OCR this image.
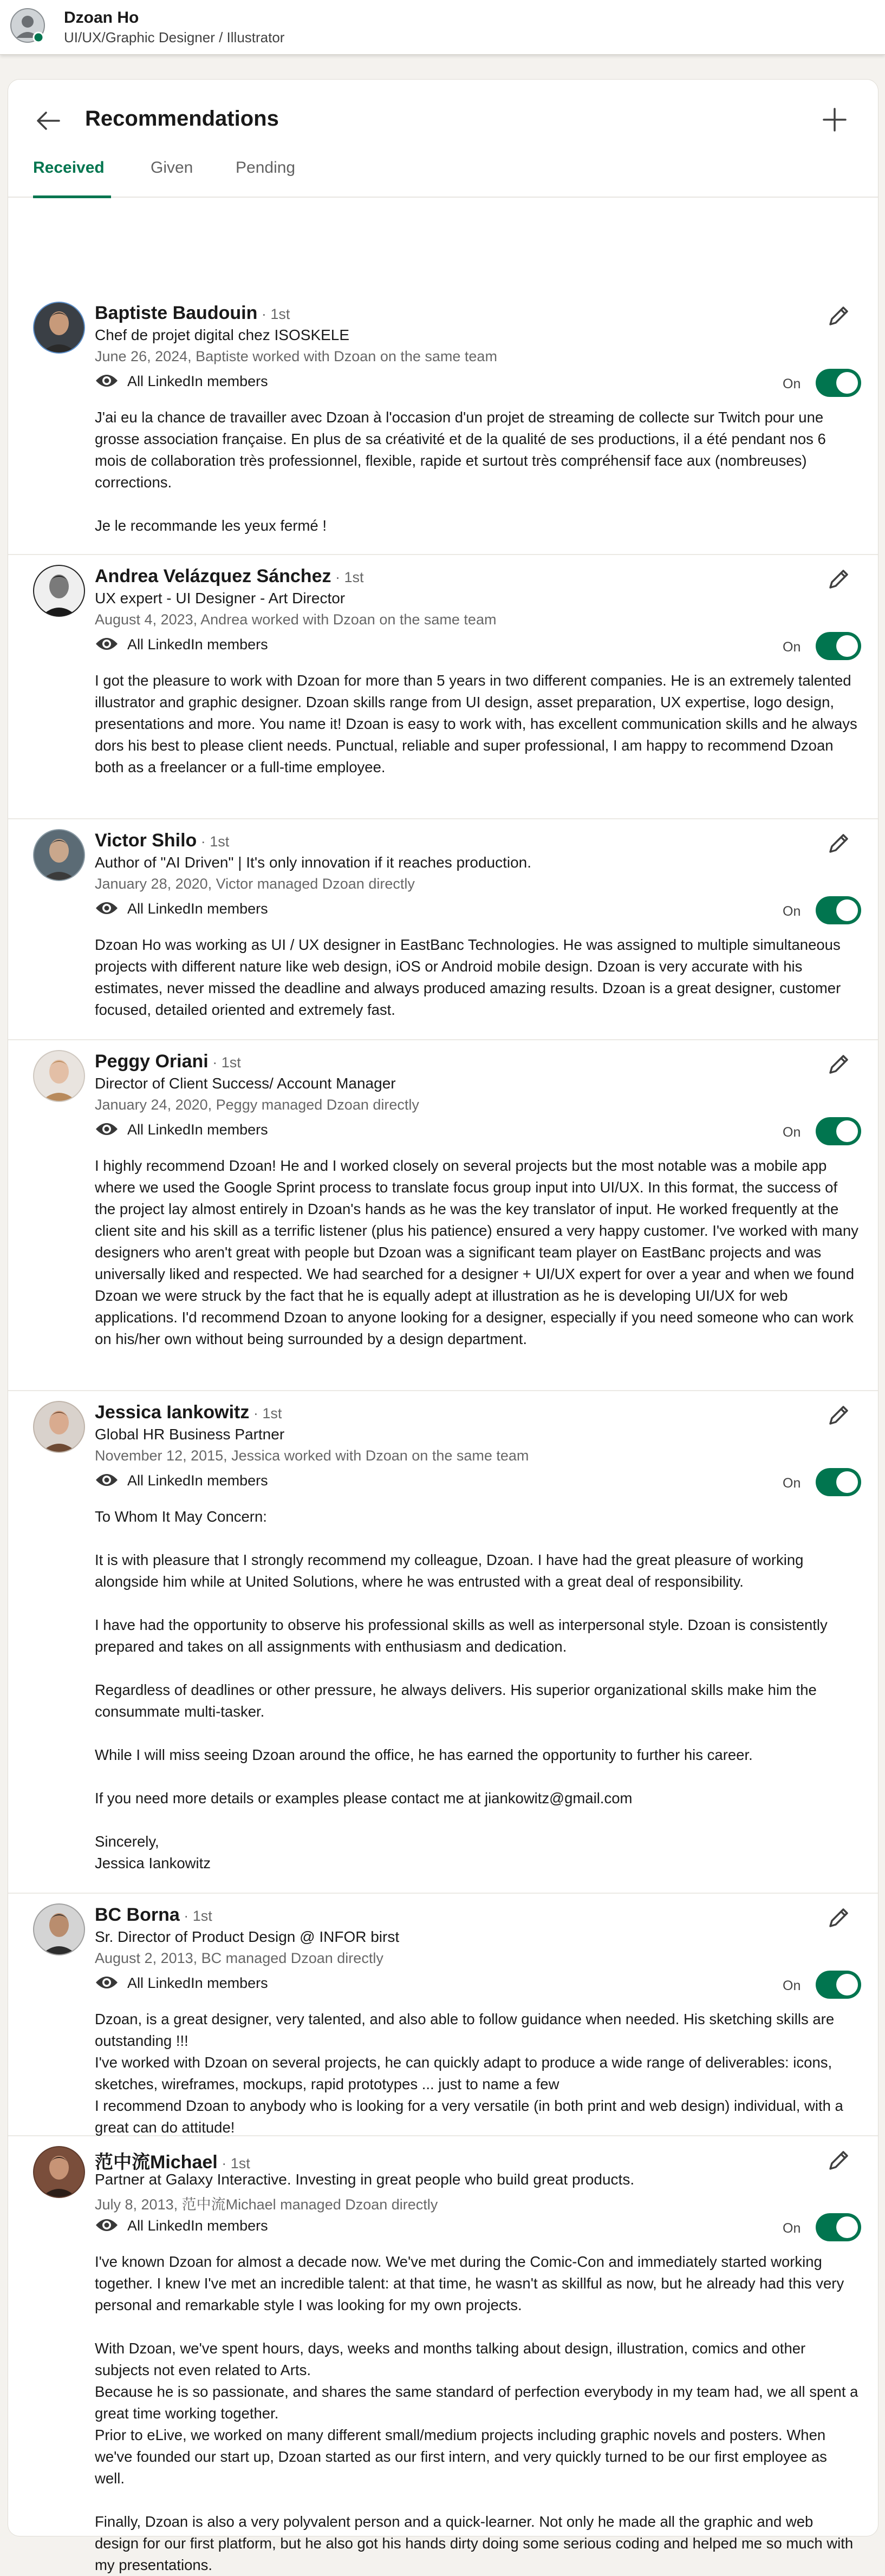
Dzoan Ho
UI/UX/Graphic Designer / Illustrator
Recommendations
Received	Given	Pending
Baptiste Baudouin · 1st
Chef de projet digital chez ISOSKELE
June 26, 2024, Baptiste worked with Dzoan on the same team
All LinkedIn members	On

J'ai eu la chance de travailler avec Dzoan à l'occasion d'un projet de streaming de collecte sur Twitch pour une grosse association française. En plus de sa créativité et de la qualité de ses productions, il a été pendant nos 6 mois de collaboration très professionnel, flexible, rapide et surtout très compréhensif face aux (nombreuses) corrections.

Je le recommande les yeux fermé !

Andrea Velázquez Sánchez · 1st
UX expert - UI Designer - Art Director
August 4, 2023, Andrea worked with Dzoan on the same team
All LinkedIn members	On

I got the pleasure to work with Dzoan for more than 5 years in two different companies. He is an extremely talented illustrator and graphic designer. Dzoan skills range from UI design, asset preparation, UX expertise, logo design, presentations and more. You name it! Dzoan is easy to work with, has excellent communication skills and he always dors his best to please client needs. Punctual, reliable and super professional, I am happy to recommend Dzoan both as a freelancer or a full-time employee.

Victor Shilo · 1st
Author of "AI Driven" | It's only innovation if it reaches production.
January 28, 2020, Victor managed Dzoan directly
All LinkedIn members	On

Dzoan Ho was working as UI / UX designer in EastBanc Technologies. He was assigned to multiple simultaneous projects with different nature like web design, iOS or Android mobile design. Dzoan is very accurate with his estimates, never missed the deadline and always produced amazing results. Dzoan is a great designer, customer focused, detailed oriented and extremely fast.

Peggy Oriani · 1st
Director of Client Success/ Account Manager
January 24, 2020, Peggy managed Dzoan directly
All LinkedIn members	On

I highly recommend Dzoan! He and I worked closely on several projects but the most notable was a mobile app where we used the Google Sprint process to translate focus group input into UI/UX. In this format, the success of the project lay almost entirely in Dzoan's hands as he was the key translator of input. He worked frequently at the client site and his skill as a terrific listener (plus his patience) ensured a very happy customer. I've worked with many designers who aren't great with people but Dzoan was a significant team player on EastBanc projects and was universally liked and respected. We had searched for a designer + UI/UX expert for over a year and when we found Dzoan we were struck by the fact that he is equally adept at illustration as he is developing UI/UX for web applications. I'd recommend Dzoan to anyone looking for a designer, especially if you need someone who can work on his/her own without being surrounded by a design department.

Jessica Iankowitz · 1st
Global HR Business Partner
November 12, 2015, Jessica worked with Dzoan on the same team
All LinkedIn members	On

To Whom It May Concern:

It is with pleasure that I strongly recommend my colleague, Dzoan. I have had the great pleasure of working alongside him while at United Solutions, where he was entrusted with a great deal of responsibility.

I have had the opportunity to observe his professional skills as well as interpersonal style. Dzoan is consistently prepared and takes on all assignments with enthusiasm and dedication.

Regardless of deadlines or other pressure, he always delivers. His superior organizational skills make him the consummate multi-tasker.

While I will miss seeing Dzoan around the office, he has earned the opportunity to further his career.

If you need more details or examples please contact me at jiankowitz@gmail.com

Sincerely,

Jessica Iankowitz

BC Borna · 1st
Sr. Director of Product Design @ INFOR birst
August 2, 2013, BC managed Dzoan directly
All LinkedIn members	On

Dzoan, is a great designer, very talented, and also able to follow guidance when needed. His sketching skills are outstanding !!!

I've worked with Dzoan on several projects, he can quickly adapt to produce a wide range of deliverables: icons, sketches, wireframes, mockups, rapid prototypes ... just to name a few

I recommend Dzoan to anybody who is looking for a very versatile (in both print and web design) individual, with a great can do attitude!

范中流Michael · 1st
Partner at Galaxy Interactive. Investing in great people who build great products.
July 8, 2013, 范中流Michael managed Dzoan directly
All LinkedIn members	On

I've known Dzoan for almost a decade now. We've met during the Comic-Con and immediately started working together. I knew I've met an incredible talent: at that time, he wasn't as skillful as now, but he already had this very personal and remarkable style I was looking for my own projects.

With Dzoan, we've spent hours, days, weeks and months talking about design, illustration, comics and other subjects not even related to Arts.

Because he is so passionate, and shares the same standard of perfection everybody in my team had, we all spent a great time working together.

Prior to eLive, we worked on many different small/medium projects including graphic novels and posters. When we've founded our start up, Dzoan started as our first intern, and very quickly turned to be our first employee as well.

Finally, Dzoan is also a very polyvalent person and a quick-learner. Not only he made all the graphic and web design for our first platform, but he also got his hands dirty doing some serious coding and helped me so much with my presentations.
